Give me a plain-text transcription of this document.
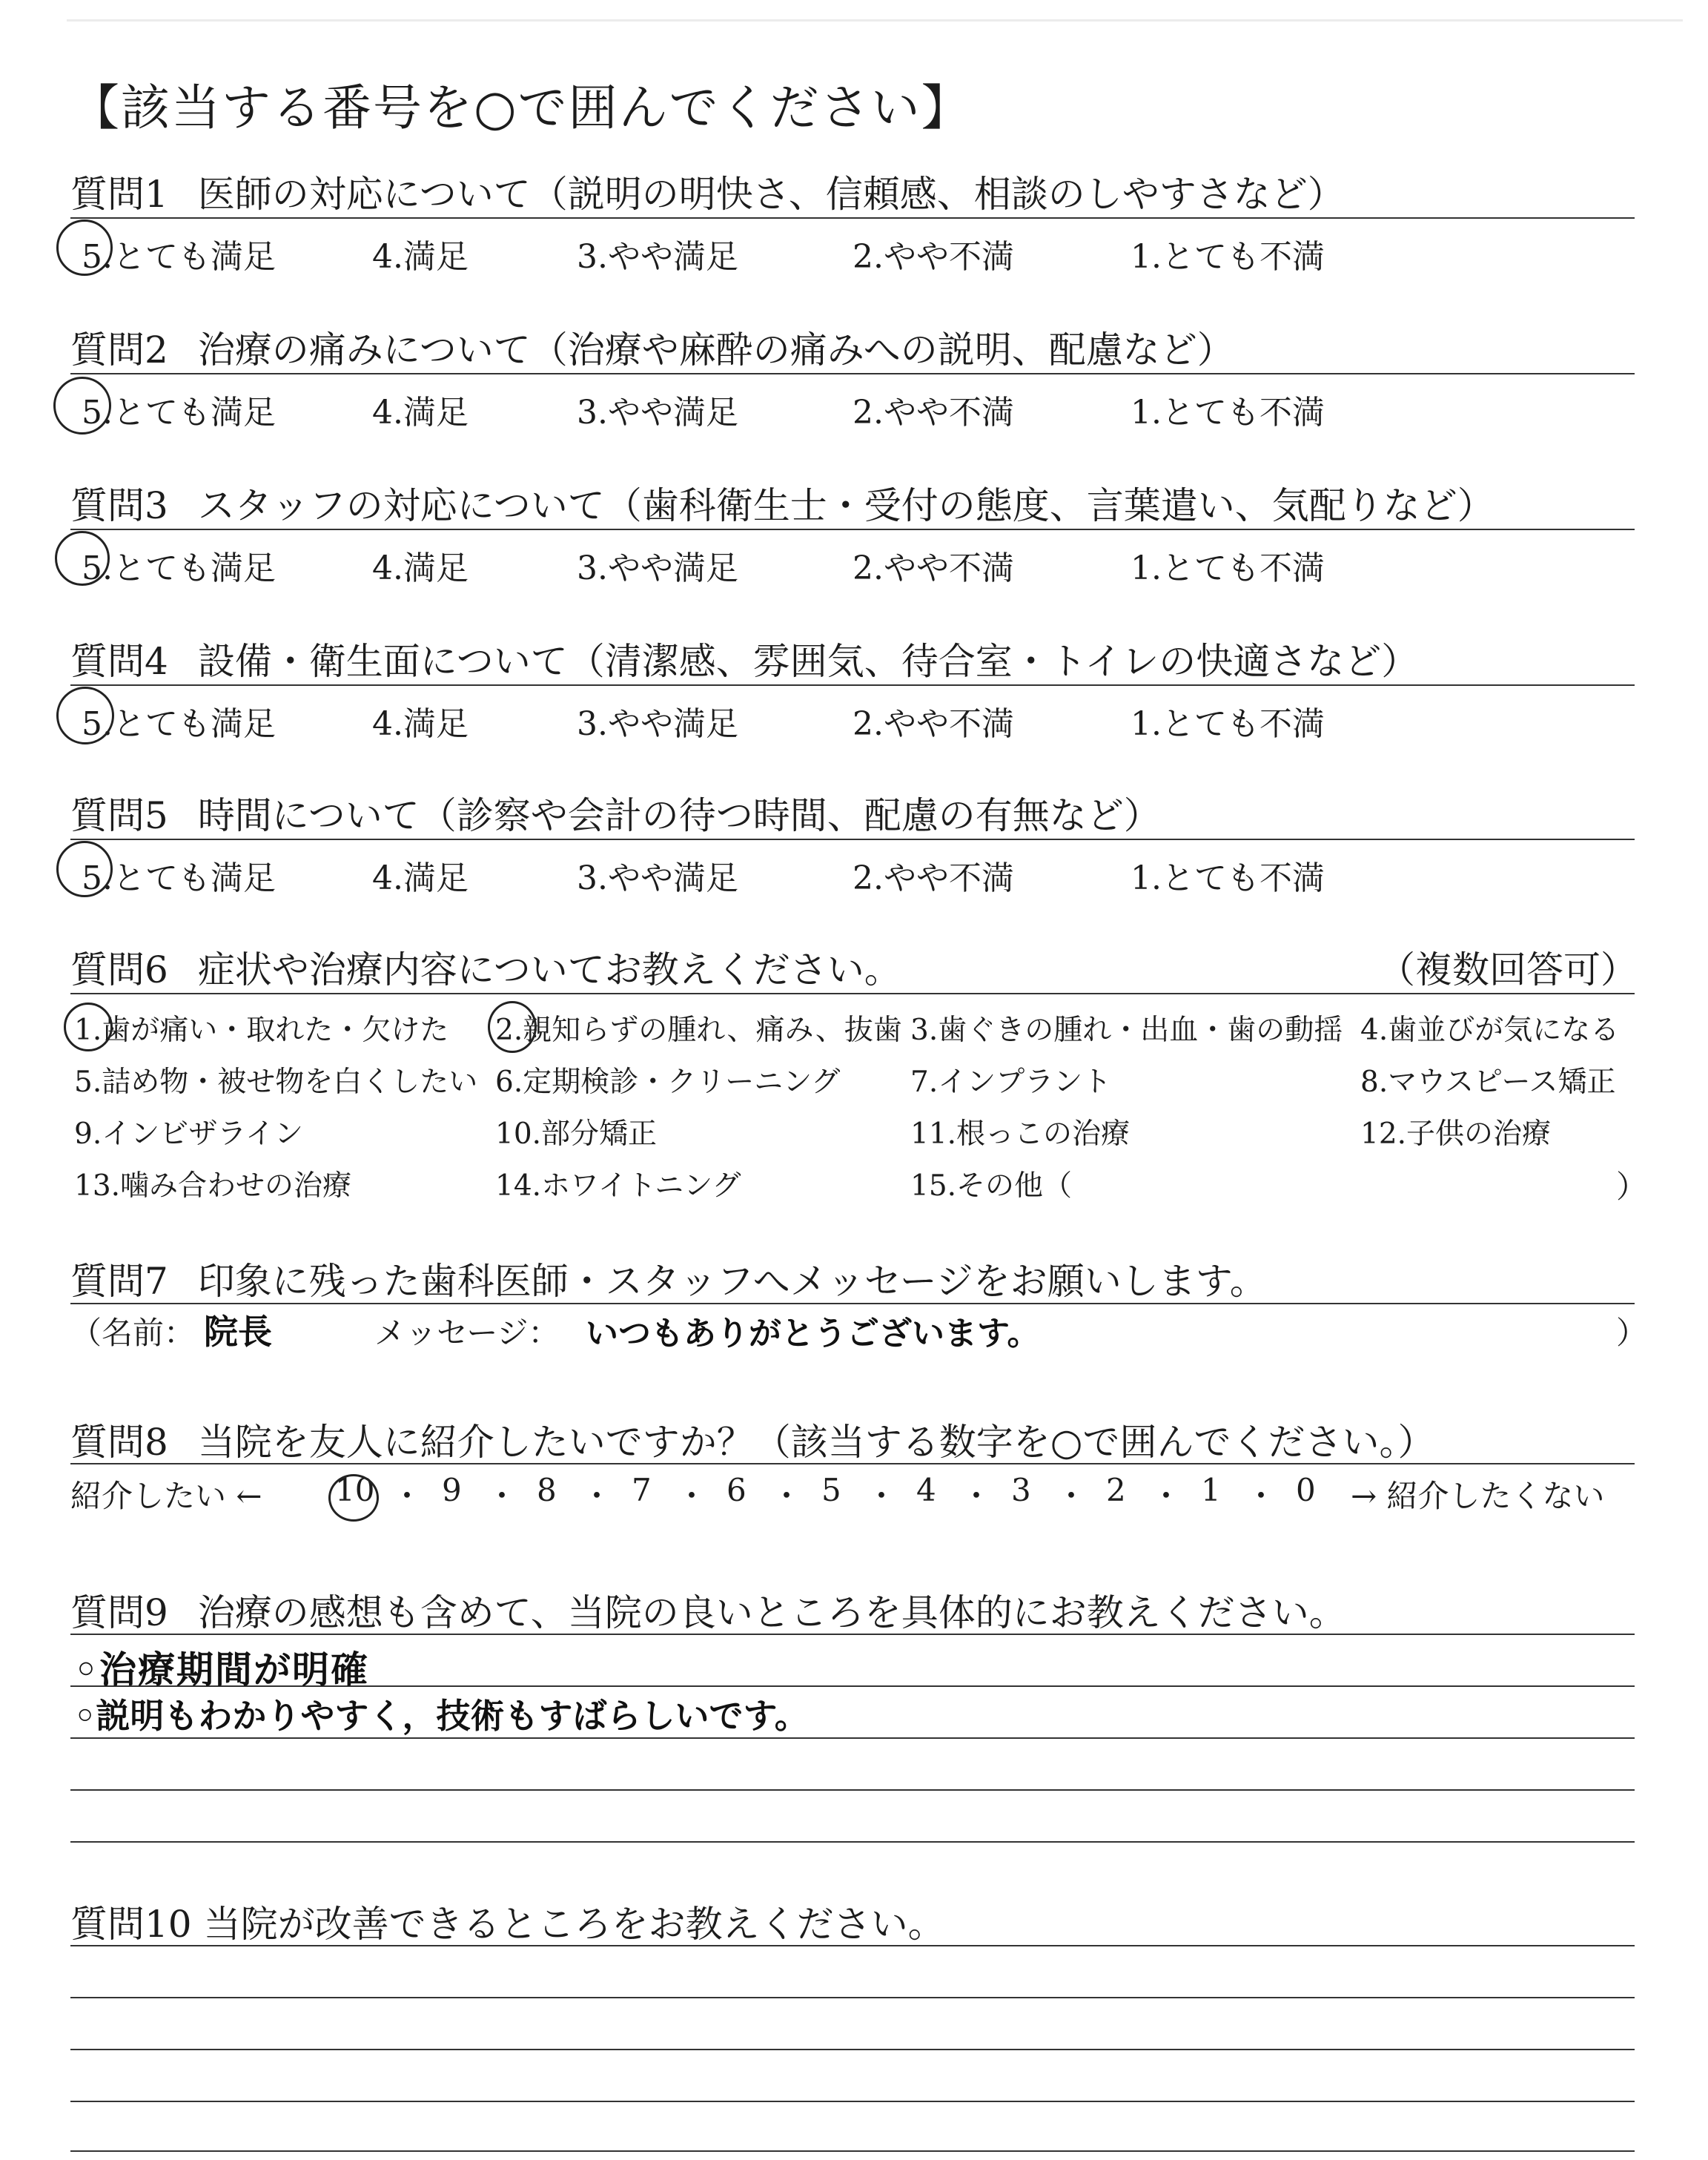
【該当する番号を○で囲んでください】
質問1 医師の対応について（説明の明快さ、信頼感、相談のしやすさなど）
5.とても満足	4.満足	3.やや満足	2.やや不満	1.とても不満
質問2 治療の痛みについて（治療や麻酔の痛みへの説明、配慮など）
5.とても満足	4.満足	3.やや満足	2.やや不満	1.とても不満
質問3 スタッフの対応について（歯科衛生士・受付の態度、言葉遣い、気配りなど）
5.とても満足	4.満足	3.やや満足	2.やや不満	1.とても不満
質問4 設備・衛生面について（清潔感、雰囲気、待合室・トイレの快適さなど）
5.とても満足	4.満足	3.やや満足	2.やや不満	1.とても不満
質問5 時間について（診察や会計の待つ時間、配慮の有無など）
5.とても満足	4.満足	3.やや満足	2.やや不満	1.とても不満
質問6 症状や治療内容についてお教えください。	（複数回答可）
1.歯が痛い・取れた・欠けた 2.親知らずの腫れ、痛み、抜歯 3.歯ぐきの腫れ・出血・歯の動揺 4.歯並びが気になる
5.詰め物・被せ物を白くしたい 6.定期検診・クリーニング 7.インプラント	8.マウスピース矯正
9.インビザライン	10.部分矯正	11.根っこの治療	12.子供の治療
13.噛み合わせの治療	14.ホワイトニング	15.その他（	）
質問7 印象に残った歯科医師・スタッフへメッセージをお願いします。
（名前： 院長	メッセージ： いつもありがとうございます。	）
質問8 当院を友人に紹介したいですか？（該当する数字を○で囲んでください。）
紹介したい ← 10 ・ 9 ・ 8 ・ 7 ・ 6 ・ 5 ・ 4 ・ 3 ・ 2 ・ 1 ・ 0 → 紹介したくない
質問9 治療の感想も含めて、当院の良いところを具体的にお教えください。
◦治療期間が明確
◦説明もわかりやすく，技術もすばらしいです。
質問10 当院が改善できるところをお教えください。
